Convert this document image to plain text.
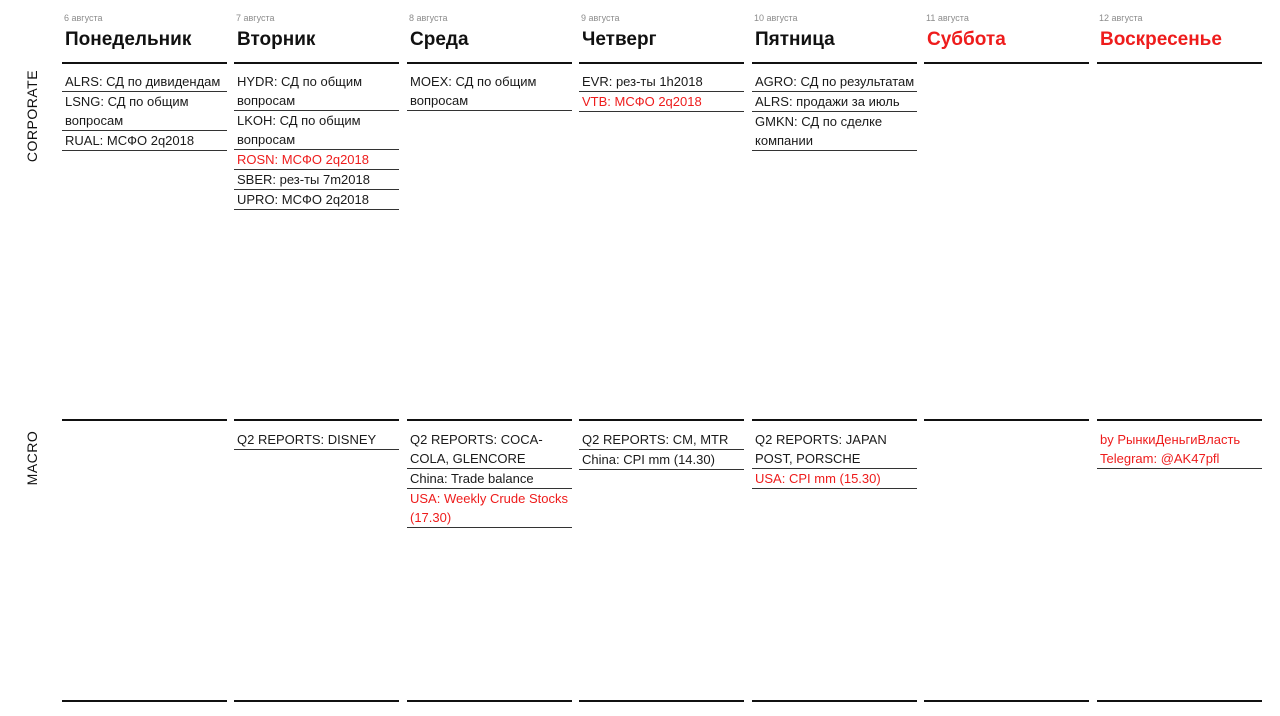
CORPORATE
MACRO
6 августа
Понедельник
ALRS: СД по дивидендам
LSNG: СД по общим вопросам
RUAL: МСФО 2q2018
7 августа
Вторник
HYDR: СД по общим вопросам
LKOH: СД по общим вопросам
ROSN: МСФО 2q2018
SBER: рез-ты 7m2018
UPRO: МСФО 2q2018
Q2 REPORTS: DISNEY
8 августа
Среда
MOEX: СД по общим вопросам
Q2 REPORTS: COCA-COLA, GLENCORE
China: Trade balance
USA: Weekly Crude Stocks (17.30)
9 августа
Четверг
EVR: рез-ты 1h2018
VTB: МСФО 2q2018
Q2 REPORTS: CM, MTR
China: CPI mm (14.30)
10 августа
Пятница
AGRO: СД по результатам
ALRS: продажи за июль
GMKN: СД по сделке компании
Q2 REPORTS: JAPAN POST, PORSCHE
USA: CPI mm (15.30)
11 августа
Суббота
12 августа
Воскресенье
by РынкиДеньгиВласть Telegram: @AK47pfl
